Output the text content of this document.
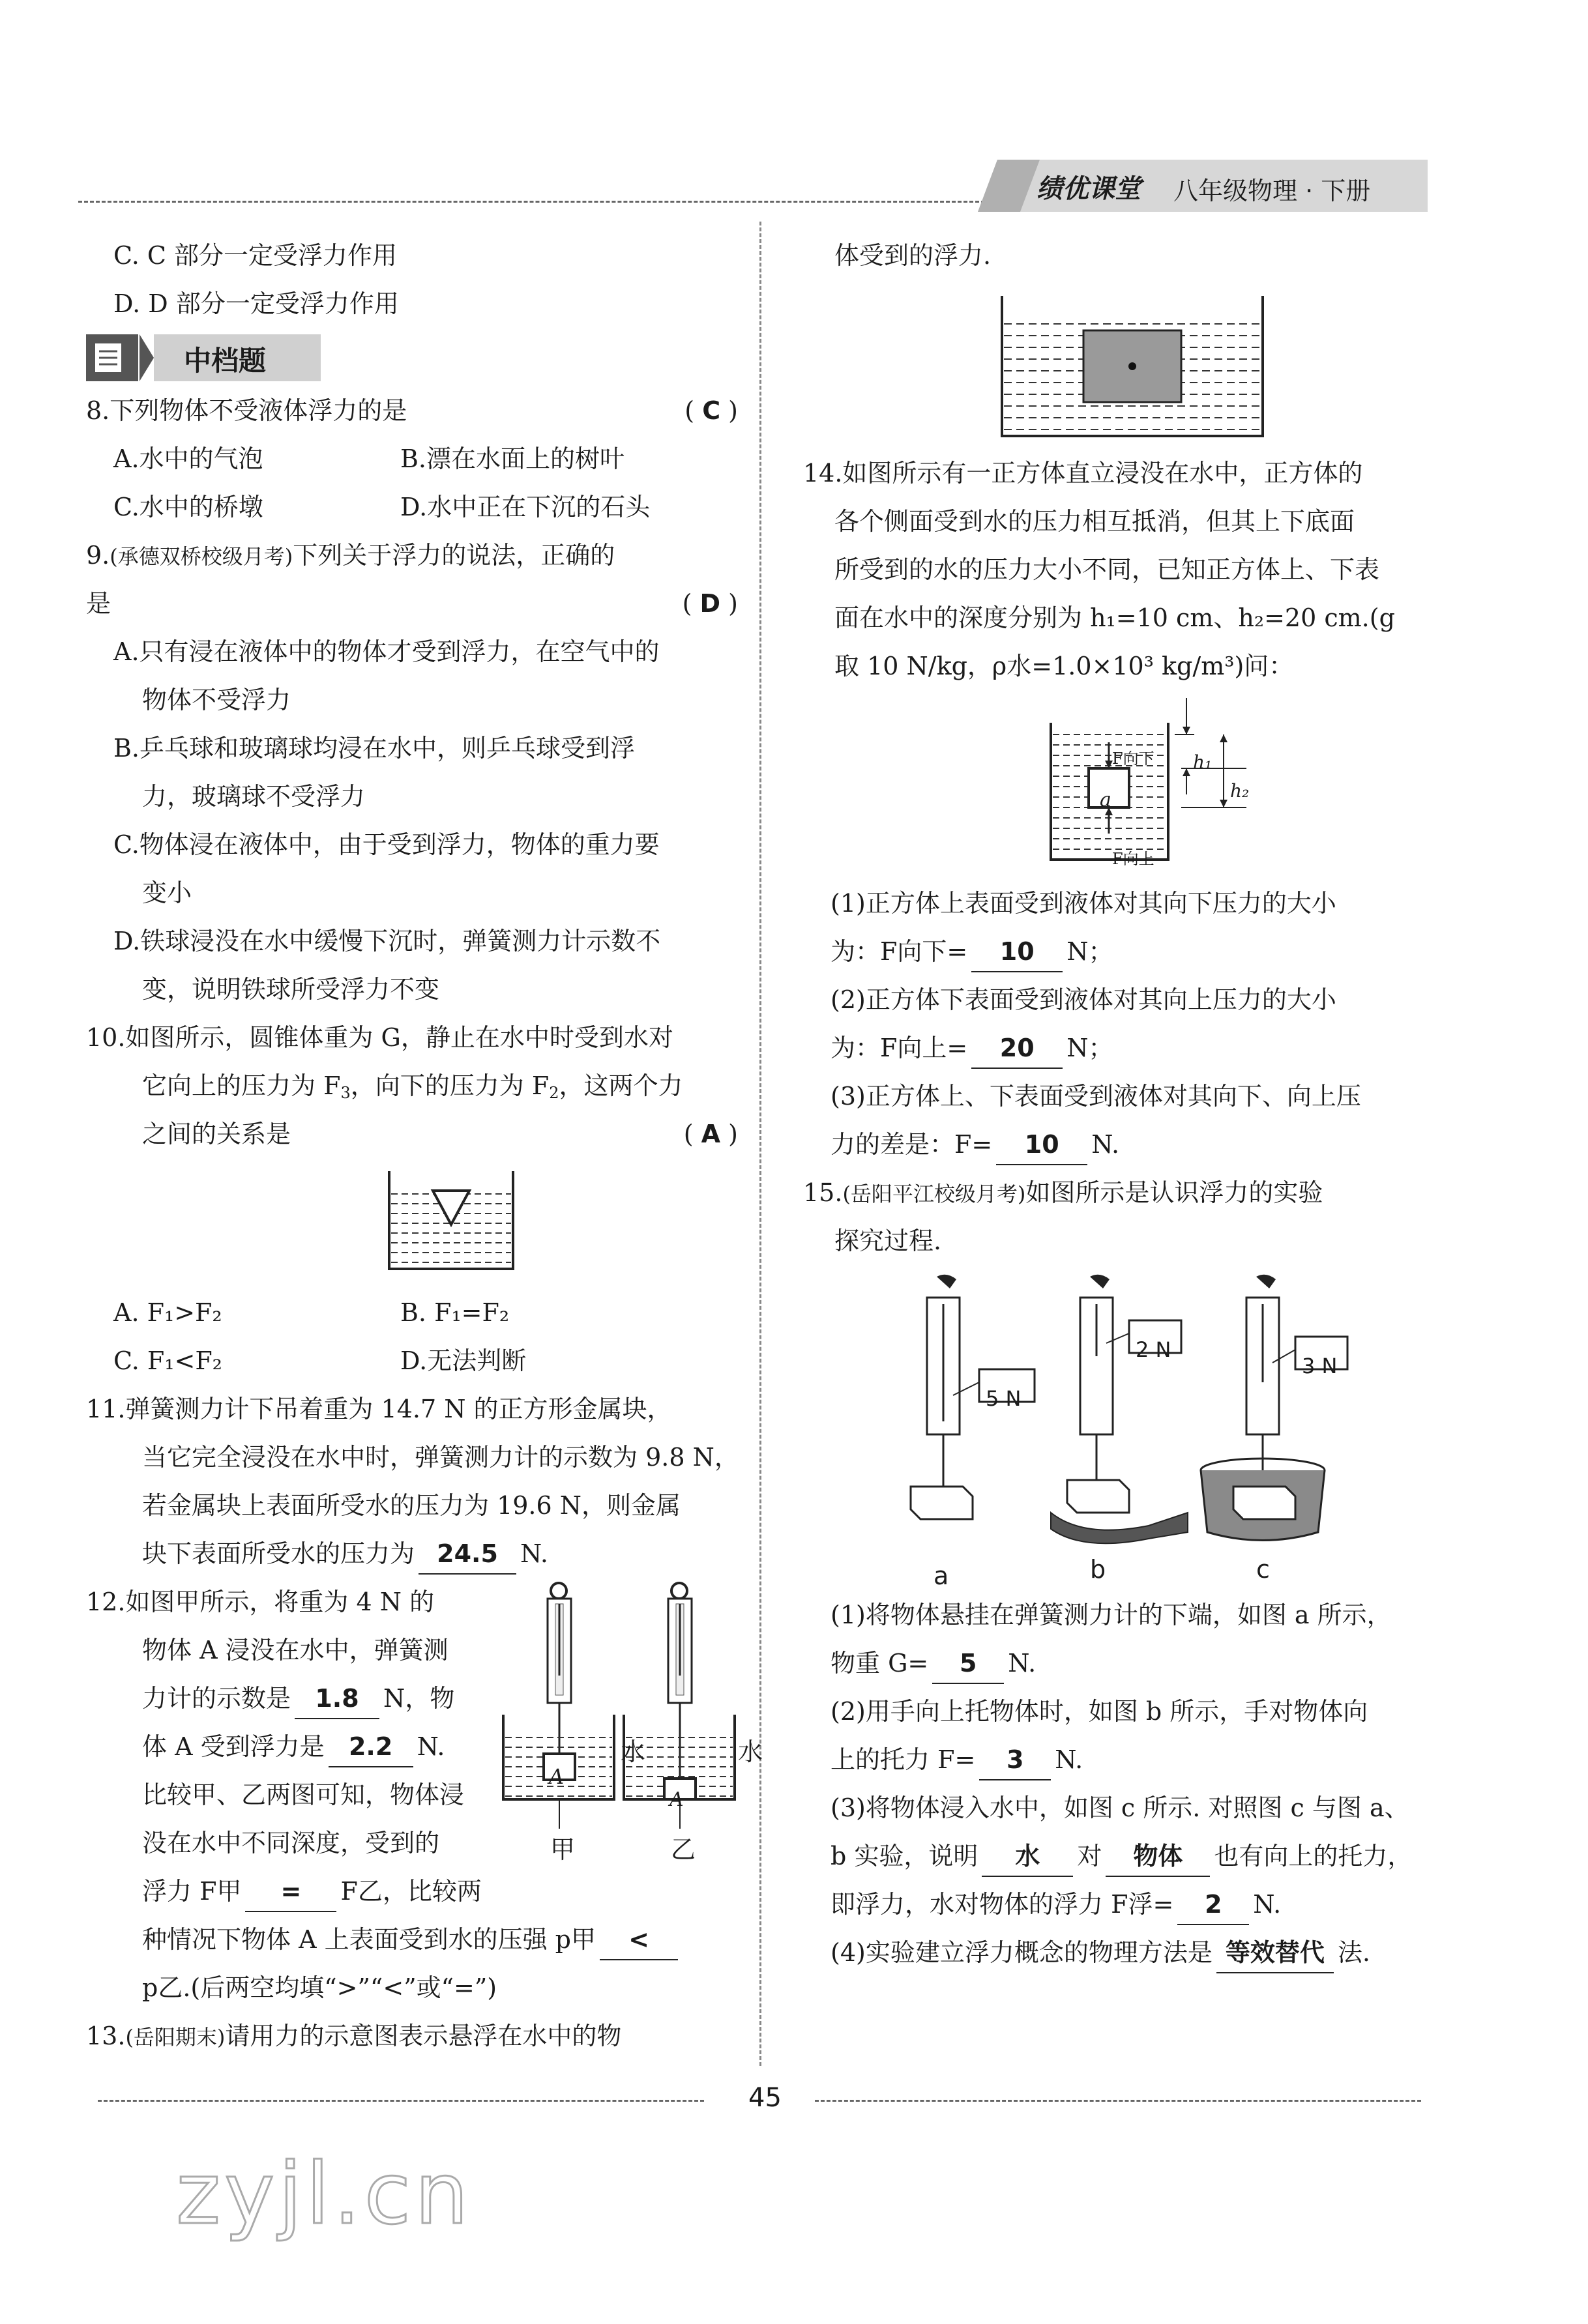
绩优课堂 八年级物理 · 下册
C. C 部分一定受浮力作用
D. D 部分一定受浮力作用
中档题
8.下列物体不受液体浮力的是	( C )
A.水中的气泡	B.漂在水面上的树叶
C.水中的桥墩	D.水中正在下沉的石头
9.(承德双桥校级月考)下列关于浮力的说法，正确的
是	( D )
A.只有浸在液体中的物体才受到浮力，在空气中的
物体不受浮力
B.乒乓球和玻璃球均浸在水中，则乒乓球受到浮
力，玻璃球不受浮力
C.物体浸在液体中，由于受到浮力，物体的重力要
变小
D.铁球浸没在水中缓慢下沉时，弹簧测力计示数不
变，说明铁球所受浮力不变
10.如图所示，圆锥体重为 G，静止在水中时受到水对
它向上的压力为 $F_3$，向下的压力为 $F_2$，这两个力
之间的关系是	( A )
A. F₁>F₂	B. F₁=F₂
C. F₁<F₂	D.无法判断
11.弹簧测力计下吊着重为 14.7 N 的正方形金属块，
当它完全浸没在水中时，弹簧测力计的示数为 9.8 N，
若金属块上表面所受水的压力为 19.6 N，则金属
块下表面所受水的压力为 24.5 N.
12.如图甲所示，将重为 4 N 的
物体 A 浸没在水中，弹簧测
力计的示数是 1.8 N，物
体 A 受到浮力是 2.2 N.
比较甲、乙两图可知，物体浸
没在水中不同深度，受到的
浮力 F甲 = F乙，比较两
种情况下物体 A 上表面受到水的压强 p甲 <
p乙.(后两空均填“>”“<”或“=”)
A
A
水	水
甲	乙
13.(岳阳期末)请用力的示意图表示悬浮在水中的物
体受到的浮力.
14.如图所示有一正方体直立浸没在水中，正方体的
各个侧面受到水的压力相互抵消，但其上下底面
所受到的水的压力大小不同，已知正方体上、下表
面在水中的深度分别为 h₁=10 cm、h₂=20 cm.(g
取 10 N/kg，ρ水=1.0×10³ kg/m³)问：
F向下
F向上
a
h₁
h₂
(1)正方体上表面受到液体对其向下压力的大小
为：F向下= 10 N；
(2)正方体下表面受到液体对其向上压力的大小
为：F向上= 20 N；
(3)正方体上、下表面受到液体对其向下、向上压
力的差是：F= 10 N.
15.(岳阳平江校级月考)如图所示是认识浮力的实验
探究过程.
5 N
2 N
3 N
a	b	c
(1)将物体悬挂在弹簧测力计的下端，如图 a 所示，
物重 G= 5 N.
(2)用手向上托物体时，如图 b 所示，手对物体向
上的托力 F= 3 N.
(3)将物体浸入水中，如图 c 所示. 对照图 c 与图 a、
b 实验，说明 水 对 物体 也有向上的托力，
即浮力，水对物体的浮力 F浮= 2 N.
(4)实验建立浮力概念的物理方法是 等效替代 法.
45
zyjl.cn
